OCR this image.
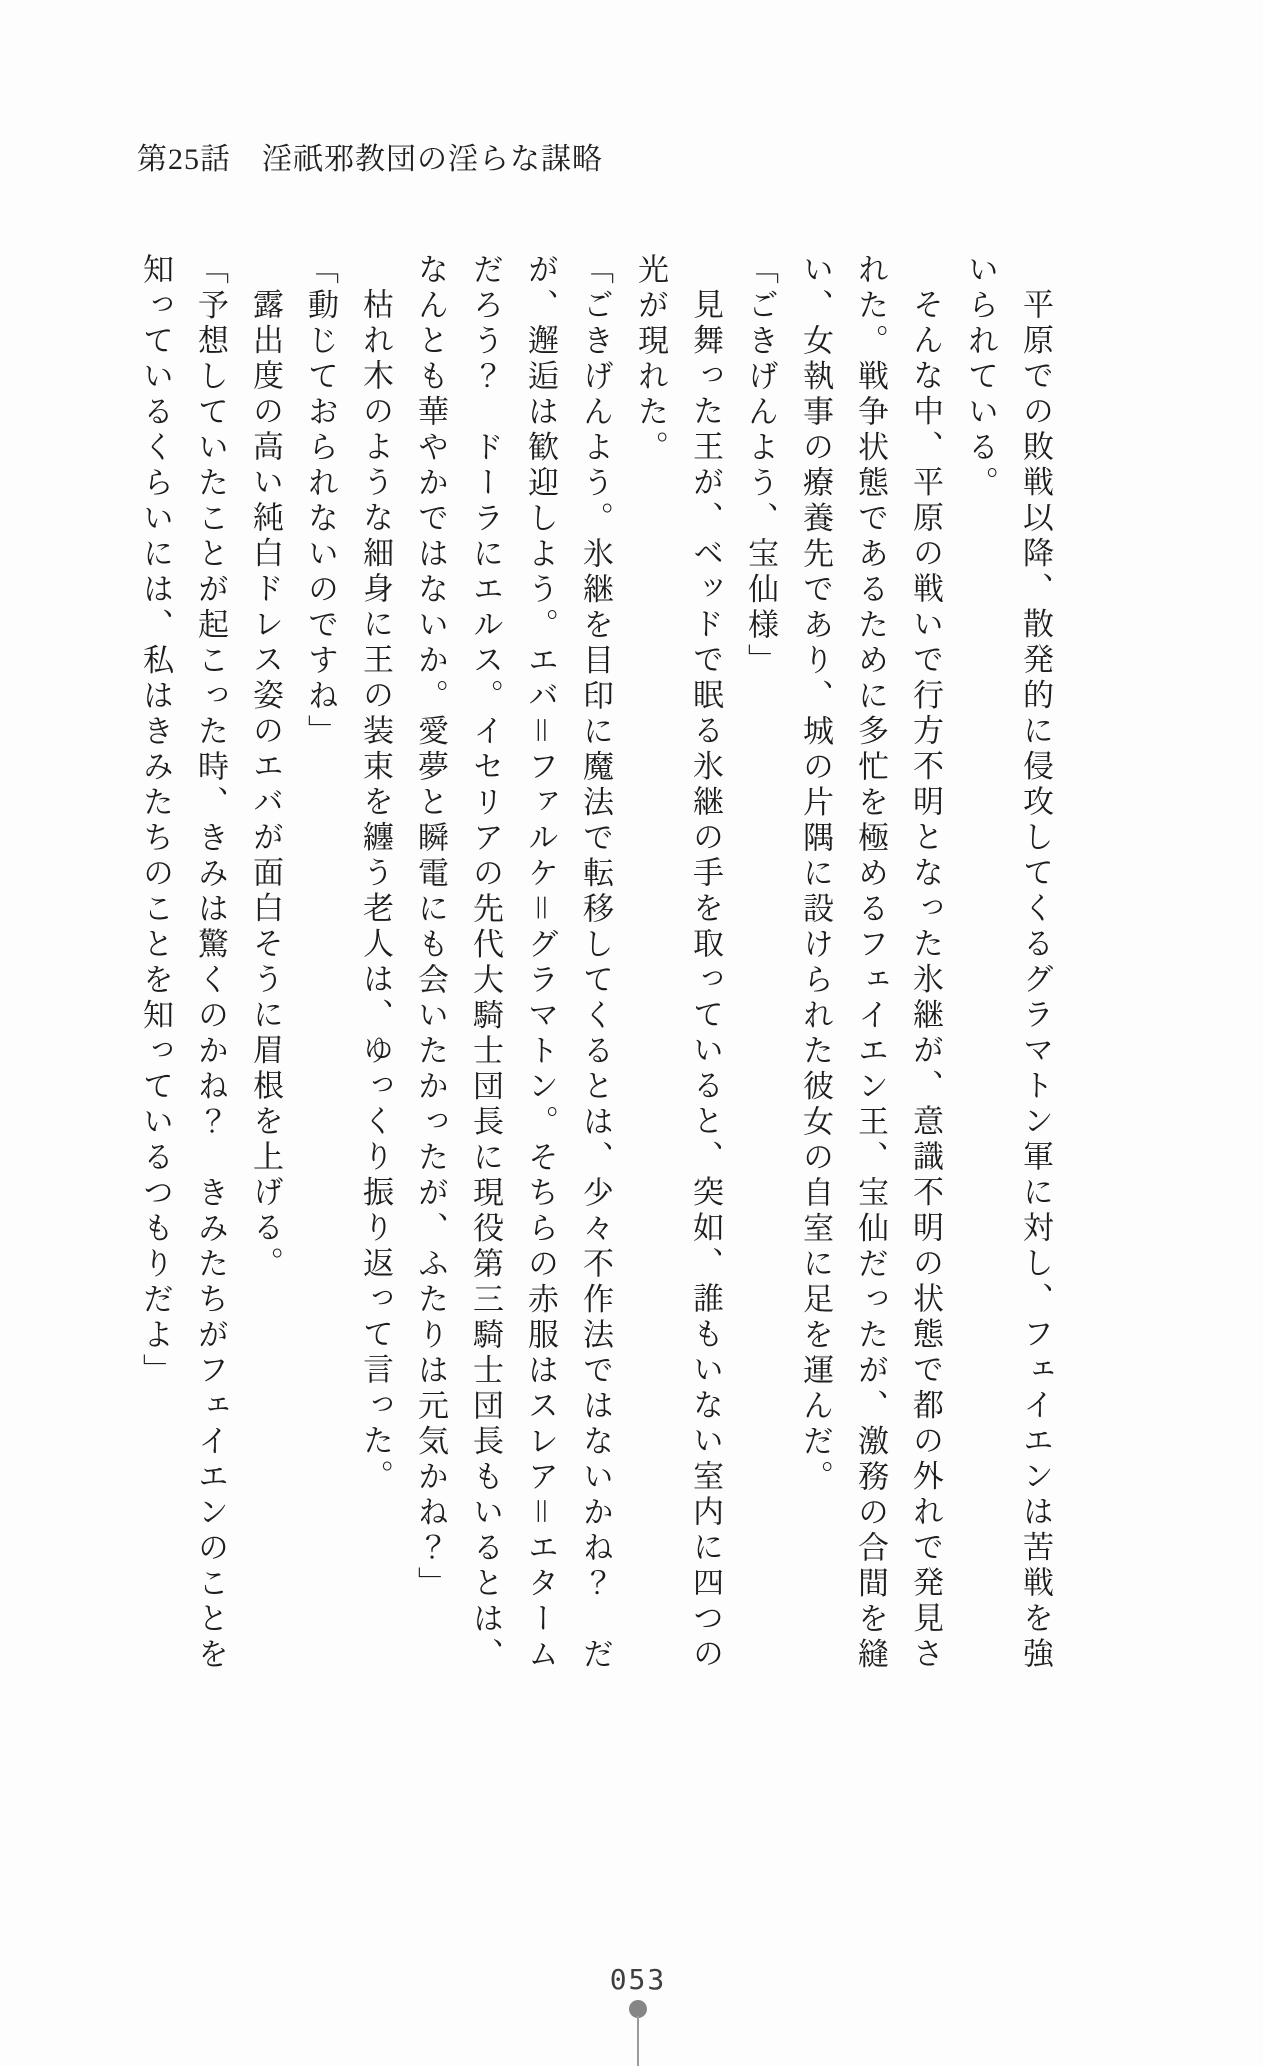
第25話　淫祇邪教団の淫らな謀略

平原での敗戦以降、散発的に侵攻してくるグラマトン軍に対し、フェイエンは苦戦を強いられている。

そんな中、平原の戦いで行方不明となった氷継が、意識不明の状態で都の外れで発見された。戦争状態であるために多忙を極めるフェイエン王、宝仙だったが、激務の合間を縫い、女執事の療養先であり、城の片隅に設けられた彼女の自室に足を運んだ。

「ごきげんよう、宝仙様」

見舞った王が、ベッドで眠る氷継の手を取っていると、突如、誰もいない室内に四つの光が現れた。

「ごきげんよう。氷継を目印に魔法で転移してくるとは、少々不作法ではないかね？　だが、邂逅は歓迎しよう。エバ＝ファルケ＝グラマトン。そちらの赤服はスレア＝エタームだろう？　ドーラにエルス。イセリアの先代大騎士団長に現役第三騎士団長もいるとは、なんとも華やかではないか。愛夢と瞬電にも会いたかったが、ふたりは元気かね？」

枯れ木のような細身に王の装束を纏う老人は、ゆっくり振り返って言った。

「動じておられないのですね」

露出度の高い純白ドレス姿のエバが面白そうに眉根を上げる。

「予想していたことが起こった時、きみは驚くのかね？　きみたちがフェイエンのことを知っているくらいには、私はきみたちのことを知っているつもりだよ」

053
